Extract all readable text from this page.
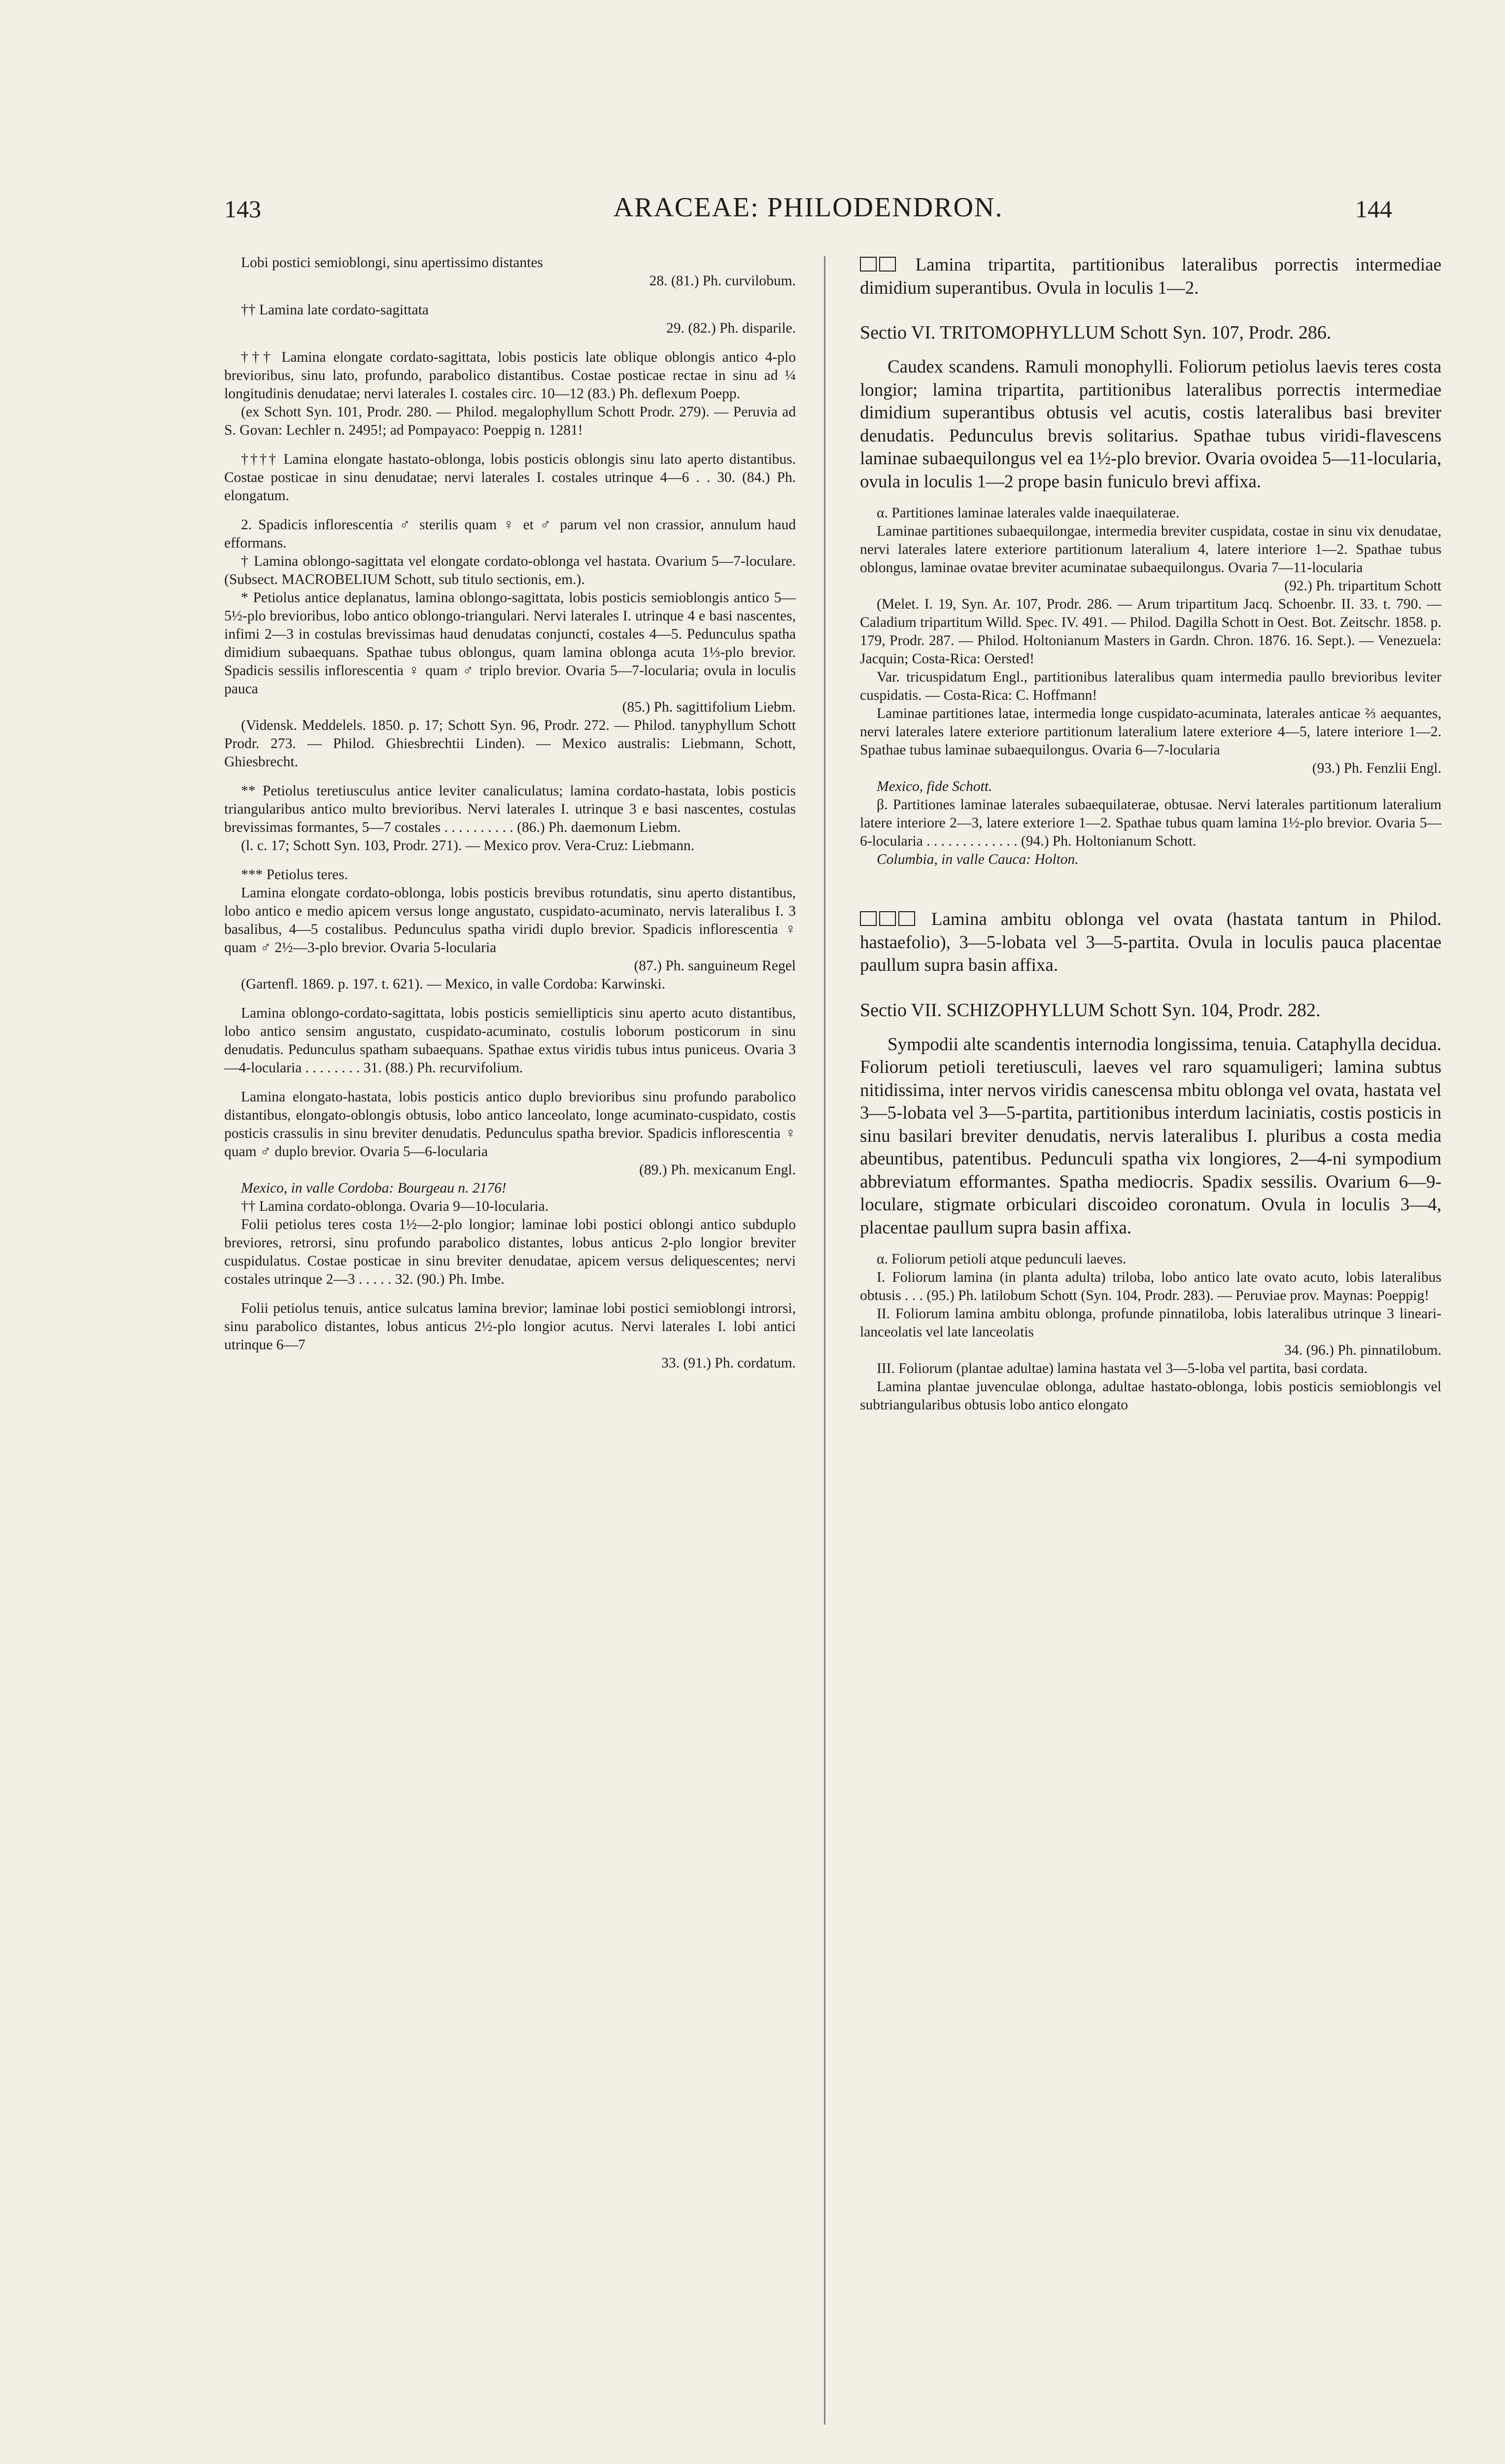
143	ARACEAE: PHILODENDRON.	144

Lobi postici semioblongi, sinu apertissimo distantes

28. (81.) Ph. curvilobum.

†† Lamina late cordato-sagittata

29. (82.) Ph. disparile.

††† Lamina elongate cordato-sagittata, lobis posticis late oblique oblongis antico 4-plo brevioribus, sinu lato, profundo, parabolico distantibus. Costae posticae rectae in sinu ad ¼ longitudinis denudatae; nervi laterales I. costales circ. 10—12 (83.) Ph. deflexum Poepp.

(ex Schott Syn. 101, Prodr. 280. — Philod. megalophyllum Schott Prodr. 279). — Peruvia ad S. Govan: Lechler n. 2495!; ad Pompayaco: Poeppig n. 1281!

†††† Lamina elongate hastato-oblonga, lobis posticis oblongis sinu lato aperto distantibus. Costae posticae in sinu denudatae; nervi laterales I. costales utrinque 4—6 . . 30. (84.) Ph. elongatum.

2. Spadicis inflorescentia ♂ sterilis quam ♀ et ♂ parum vel non crassior, annulum haud efformans.

† Lamina oblongo-sagittata vel elongate cordato-oblonga vel hastata. Ovarium 5—7-loculare. (Subsect. MACROBELIUM Schott, sub titulo sectionis, em.).

* Petiolus antice deplanatus, lamina oblongo-sagittata, lobis posticis semioblongis antico 5—5½-plo brevioribus, lobo antico oblongo-triangulari. Nervi laterales I. utrinque 4 e basi nascentes, infimi 2—3 in costulas brevissimas haud denudatas conjuncti, costales 4—5. Pedunculus spatha dimidium subaequans. Spathae tubus oblongus, quam lamina oblonga acuta 1⅓-plo brevior. Spadicis sessilis inflorescentia ♀ quam ♂ triplo brevior. Ovaria 5—7-locularia; ovula in loculis pauca

(85.) Ph. sagittifolium Liebm.

(Vidensk. Meddelels. 1850. p. 17; Schott Syn. 96, Prodr. 272. — Philod. tanyphyllum Schott Prodr. 273. — Philod. Ghiesbrechtii Linden). — Mexico australis: Liebmann, Schott, Ghiesbrecht.

** Petiolus teretiusculus antice leviter canaliculatus; lamina cordato-hastata, lobis posticis triangularibus antico multo brevioribus. Nervi laterales I. utrinque 3 e basi nascentes, costulas brevissimas formantes, 5—7 costales . . . . . . . . . . (86.) Ph. daemonum Liebm.

(l. c. 17; Schott Syn. 103, Prodr. 271). — Mexico prov. Vera-Cruz: Liebmann.

*** Petiolus teres.

Lamina elongate cordato-oblonga, lobis posticis brevibus rotundatis, sinu aperto distantibus, lobo antico e medio apicem versus longe angustato, cuspidato-acuminato, nervis lateralibus I. 3 basalibus, 4—5 costalibus. Pedunculus spatha viridi duplo brevior. Spadicis inflorescentia ♀ quam ♂ 2½—3-plo brevior. Ovaria 5-locularia

(87.) Ph. sanguineum Regel

(Gartenfl. 1869. p. 197. t. 621). — Mexico, in valle Cordoba: Karwinski.

Lamina oblongo-cordato-sagittata, lobis posticis semiellipticis sinu aperto acuto distantibus, lobo antico sensim angustato, cuspidato-acuminato, costulis loborum posticorum in sinu denudatis. Pedunculus spatham subaequans. Spathae extus viridis tubus intus puniceus. Ovaria 3—4-locularia . . . . . . . . 31. (88.) Ph. recurvifolium.

Lamina elongato-hastata, lobis posticis antico duplo brevioribus sinu profundo parabolico distantibus, elongato-oblongis obtusis, lobo antico lanceolato, longe acuminato-cuspidato, costis posticis crassulis in sinu breviter denudatis. Pedunculus spatha brevior. Spadicis inflorescentia ♀ quam ♂ duplo brevior. Ovaria 5—6-locularia

(89.) Ph. mexicanum Engl.

Mexico, in valle Cordoba: Bourgeau n. 2176!

†† Lamina cordato-oblonga. Ovaria 9—10-locularia.

Folii petiolus teres costa 1½—2-plo longior; laminae lobi postici oblongi antico subduplo breviores, retrorsi, sinu profundo parabolico distantes, lobus anticus 2-plo longior breviter cuspidulatus. Costae posticae in sinu breviter denudatae, apicem versus deliquescentes; nervi costales utrinque 2—3 . . . . . 32. (90.) Ph. Imbe.

Folii petiolus tenuis, antice sulcatus lamina brevior; laminae lobi postici semioblongi introrsi, sinu parabolico distantes, lobus anticus 2½-plo longior acutus. Nervi laterales I. lobi antici utrinque 6—7

33. (91.) Ph. cordatum.

Lamina tripartita, partitionibus lateralibus porrectis intermediae dimidium superantibus. Ovula in loculis 1—2.

Sectio VI. TRITOMOPHYLLUM Schott Syn. 107, Prodr. 286.

Caudex scandens. Ramuli monophylli. Foliorum petiolus laevis teres costa longior; lamina tripartita, partitionibus lateralibus porrectis intermediae dimidium superantibus obtusis vel acutis, costis lateralibus basi breviter denudatis. Pedunculus brevis solitarius. Spathae tubus viridi-flavescens laminae subaequilongus vel ea 1½-plo brevior. Ovaria ovoidea 5—11-locularia, ovula in loculis 1—2 prope basin funiculo brevi affixa.

α. Partitiones laminae laterales valde inaequilaterae.

Laminae partitiones subaequilongae, intermedia breviter cuspidata, costae in sinu vix denudatae, nervi laterales latere exteriore partitionum lateralium 4, latere interiore 1—2. Spathae tubus oblongus, laminae ovatae breviter acuminatae subaequilongus. Ovaria 7—11-locularia

(92.) Ph. tripartitum Schott

(Melet. I. 19, Syn. Ar. 107, Prodr. 286. — Arum tripartitum Jacq. Schoenbr. II. 33. t. 790. — Caladium tripartitum Willd. Spec. IV. 491. — Philod. Dagilla Schott in Oest. Bot. Zeitschr. 1858. p. 179, Prodr. 287. — Philod. Holtonianum Masters in Gardn. Chron. 1876. 16. Sept.). — Venezuela: Jacquin; Costa-Rica: Oersted!

Var. tricuspidatum Engl., partitionibus lateralibus quam intermedia paullo brevioribus leviter cuspidatis. — Costa-Rica: C. Hoffmann!

Laminae partitiones latae, intermedia longe cuspidato-acuminata, laterales anticae ⅔ aequantes, nervi laterales latere exteriore partitionum lateralium latere exteriore 4—5, latere interiore 1—2. Spathae tubus laminae subaequilongus. Ovaria 6—7-locularia

(93.) Ph. Fenzlii Engl.

Mexico, fide Schott.

β. Partitiones laminae laterales subaequilaterae, obtusae. Nervi laterales partitionum lateralium latere interiore 2—3, latere exteriore 1—2. Spathae tubus quam lamina 1½-plo brevior. Ovaria 5—6-locularia . . . . . . . . . . . . . (94.) Ph. Holtonianum Schott.

Columbia, in valle Cauca: Holton.

Lamina ambitu oblonga vel ovata (hastata tantum in Philod. hastaefolio), 3—5-lobata vel 3—5-partita. Ovula in loculis pauca placentae paullum supra basin affixa.

Sectio VII. SCHIZOPHYLLUM Schott Syn. 104, Prodr. 282.

Sympodii alte scandentis internodia longissima, tenuia. Cataphylla decidua. Foliorum petioli teretiusculi, laeves vel raro squamuligeri; lamina subtus nitidissima, inter nervos viridis canescensa mbitu oblonga vel ovata, hastata vel 3—5-lobata vel 3—5-partita, partitionibus interdum laciniatis, costis posticis in sinu basilari breviter denudatis, nervis lateralibus I. pluribus a costa media abeuntibus, patentibus. Pedunculi spatha vix longiores, 2—4-ni sympodium abbreviatum efformantes. Spatha mediocris. Spadix sessilis. Ovarium 6—9-loculare, stigmate orbiculari discoideo coronatum. Ovula in loculis 3—4, placentae paullum supra basin affixa.

α. Foliorum petioli atque pedunculi laeves.

I. Foliorum lamina (in planta adulta) triloba, lobo antico late ovato acuto, lobis lateralibus obtusis . . . (95.) Ph. latilobum Schott (Syn. 104, Prodr. 283). — Peruviae prov. Maynas: Poeppig!

II. Foliorum lamina ambitu oblonga, profunde pinnatiloba, lobis lateralibus utrinque 3 lineari-lanceolatis vel late lanceolatis

34. (96.) Ph. pinnatilobum.

III. Foliorum (plantae adultae) lamina hastata vel 3—5-loba vel partita, basi cordata.

Lamina plantae juvenculae oblonga, adultae hastato-oblonga, lobis posticis semioblongis vel subtriangularibus obtusis lobo antico elongato
